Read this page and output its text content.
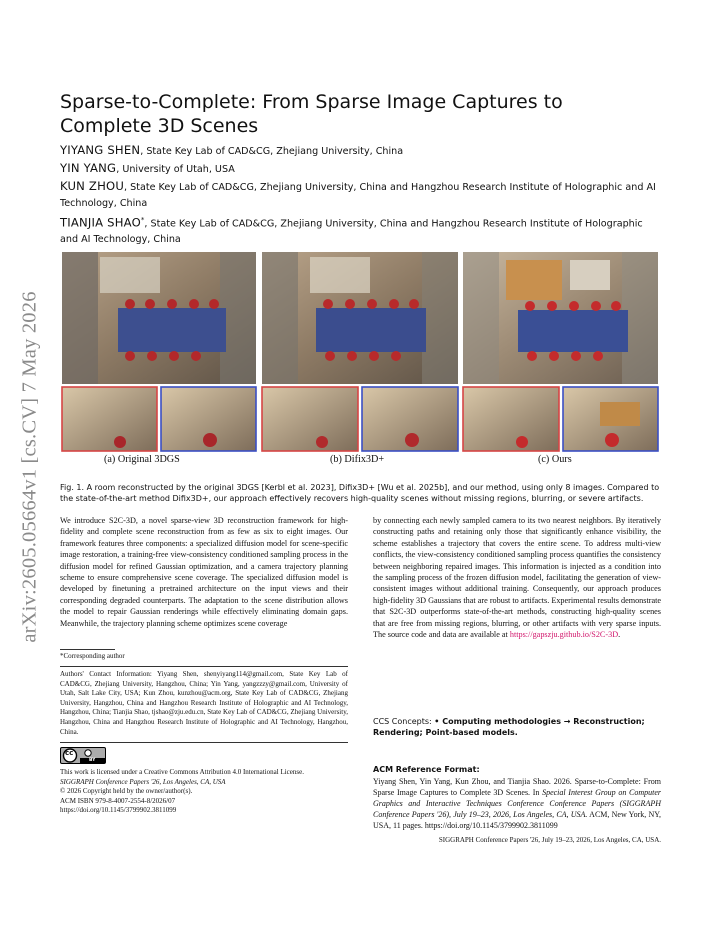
arXiv:2605.05664v1 [cs.CV] 7 May 2026
Sparse-to-Complete: From Sparse Image Captures to Complete 3D Scenes
YIYANG SHEN, State Key Lab of CAD&CG, Zhejiang University, China
YIN YANG, University of Utah, USA
KUN ZHOU, State Key Lab of CAD&CG, Zhejiang University, China and Hangzhou Research Institute of Holographic and AI Technology, China
TIANJIA SHAO*, State Key Lab of CAD&CG, Zhejiang University, China and Hangzhou Research Institute of Holographic and AI Technology, China
(a) Original 3DGS	(b) Difix3D+	(c) Ours
Fig. 1. A room reconstructed by the original 3DGS [Kerbl et al. 2023], Difix3D+ [Wu et al. 2025b], and our method, using only 8 images. Compared to the state-of-the-art method Difix3D+, our approach effectively recovers high-quality scenes without missing regions, blurring, or severe artifacts.
We introduce S2C-3D, a novel sparse-view 3D reconstruction framework for high-fidelity and complete scene reconstruction from as few as six to eight images. Our framework features three components: a specialized diffusion model for scene-specific image restoration, a training-free view-consistency conditioned sampling process in the diffusion model for refined Gaussian optimization, and a camera trajectory planning scheme to ensure comprehensive scene coverage. The specialized diffusion model is developed by finetuning a pretrained architecture on the input views and their corresponding degraded counterparts. The adaptation to the scene distribution allows the model to repair Gaussian renderings while effectively eliminating domain gaps. Meanwhile, the trajectory planning scheme optimizes scene coverage
by connecting each newly sampled camera to its two nearest neighbors. By iteratively constructing paths and retaining only those that significantly enhance visibility, the scheme establishes a trajectory that covers the entire scene. To address multi-view conflicts, the view-consistency conditioned sampling process quantifies the consistency between neighboring repaired images. This information is injected as a condition into the sampling process of the frozen diffusion model, facilitating the generation of view-consistent images without additional training. Consequently, our approach produces high-fidelity 3D Gaussians that are robust to artifacts. Experimental results demonstrate that S2C-3D outperforms state-of-the-art methods, constructing high-quality scenes that are free from missing regions, blurring, or other artifacts with very sparse inputs. The source code and data are available at https://gapszju.github.io/S2C-3D.
*Corresponding author
Authors' Contact Information: Yiyang Shen, shenyiyang114@gmail.com, State Key Lab of CAD&CG, Zhejiang University, Hangzhou, China; Yin Yang, yangzzzy@gmail.com, University of Utah, Salt Lake City, USA; Kun Zhou, kunzhou@acm.org, State Key Lab of CAD&CG, Zhejiang University, Hangzhou, China and Hangzhou Research Institute of Holographic and AI Technology, Hangzhou, China; Tianjia Shao, tjshao@zju.edu.cn, State Key Lab of CAD&CG, Zhejiang University, Hangzhou, China and Hangzhou Research Institute of Holographic and AI Technology, Hangzhou, China.
cc
BY
This work is licensed under a Creative Commons Attribution 4.0 International License.
SIGGRAPH Conference Papers '26, Los Angeles, CA, USA
© 2026 Copyright held by the owner/author(s).
ACM ISBN 979-8-4007-2554-8/2026/07
https://doi.org/10.1145/3799902.3811099
CCS Concepts: • Computing methodologies → Reconstruction; Rendering; Point-based models.
ACM Reference Format:
Yiyang Shen, Yin Yang, Kun Zhou, and Tianjia Shao. 2026. Sparse-to-Complete: From Sparse Image Captures to Complete 3D Scenes. In Special Interest Group on Computer Graphics and Interactive Techniques Conference Conference Papers (SIGGRAPH Conference Papers '26), July 19–23, 2026, Los Angeles, CA, USA. ACM, New York, NY, USA, 11 pages. https://doi.org/10.1145/3799902.3811099
SIGGRAPH Conference Papers '26, July 19–23, 2026, Los Angeles, CA, USA.
